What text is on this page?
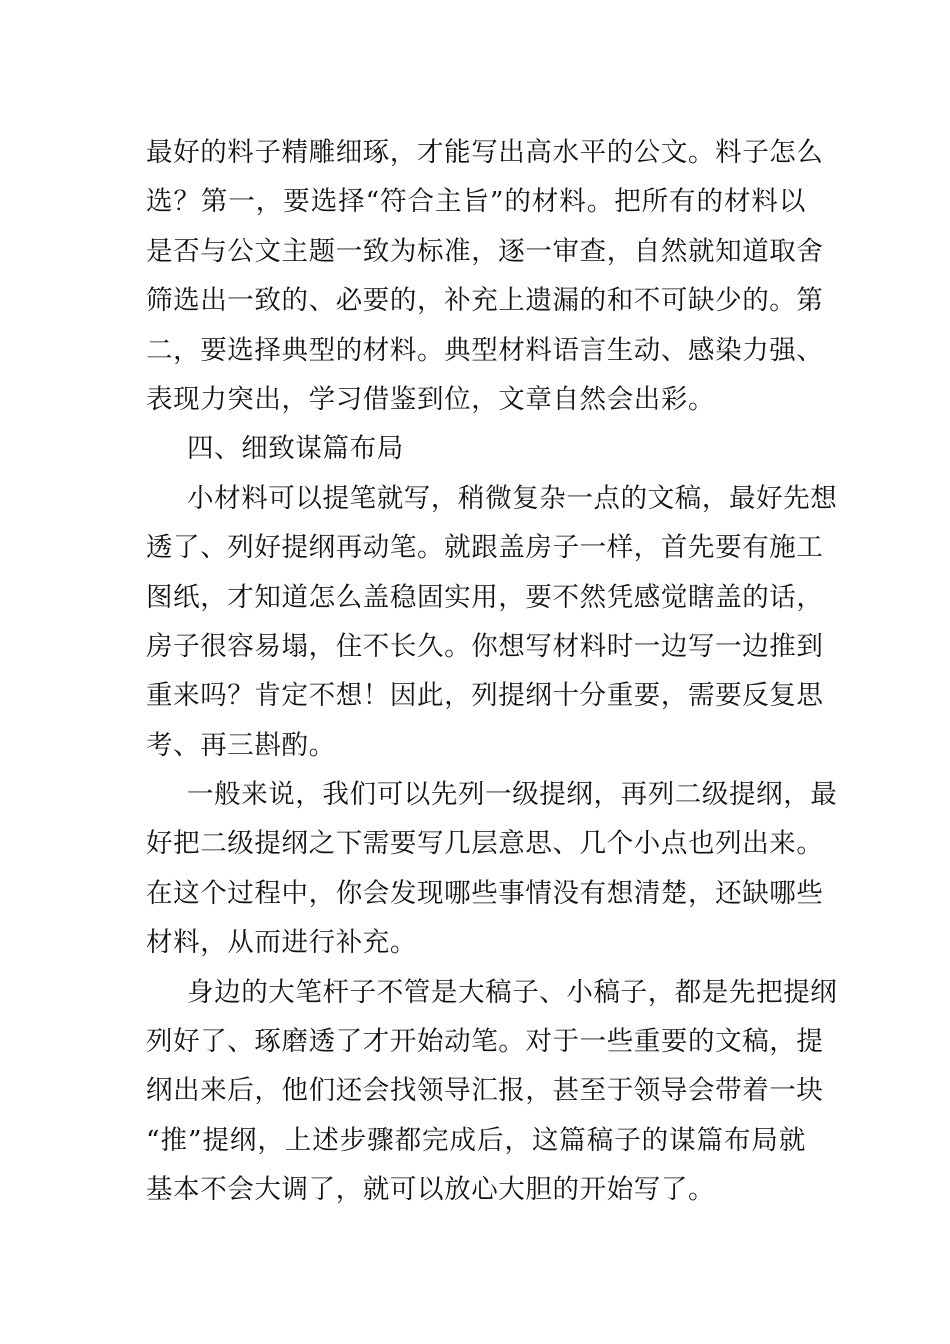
最好的料子精雕细琢，才能写出高水平的公文。料子怎么
选？第一，要选择“符合主旨”的材料。把所有的材料以
是否与公文主题一致为标准，逐一审查，自然就知道取舍
筛选出一致的、必要的，补充上遗漏的和不可缺少的。第
二，要选择典型的材料。典型材料语言生动、感染力强、
表现力突出，学习借鉴到位，文章自然会出彩。
四、细致谋篇布局
小材料可以提笔就写，稍微复杂一点的文稿，最好先想
透了、列好提纲再动笔。就跟盖房子一样，首先要有施工
图纸，才知道怎么盖稳固实用，要不然凭感觉瞎盖的话，
房子很容易塌，住不长久。你想写材料时一边写一边推到
重来吗？肯定不想！因此，列提纲十分重要，需要反复思
考、再三斟酌。
一般来说，我们可以先列一级提纲，再列二级提纲，最
好把二级提纲之下需要写几层意思、几个小点也列出来。
在这个过程中，你会发现哪些事情没有想清楚，还缺哪些
材料，从而进行补充。
身边的大笔杆子不管是大稿子、小稿子，都是先把提纲
列好了、琢磨透了才开始动笔。对于一些重要的文稿，提
纲出来后，他们还会找领导汇报，甚至于领导会带着一块
“推”提纲，上述步骤都完成后，这篇稿子的谋篇布局就
基本不会大调了，就可以放心大胆的开始写了。
